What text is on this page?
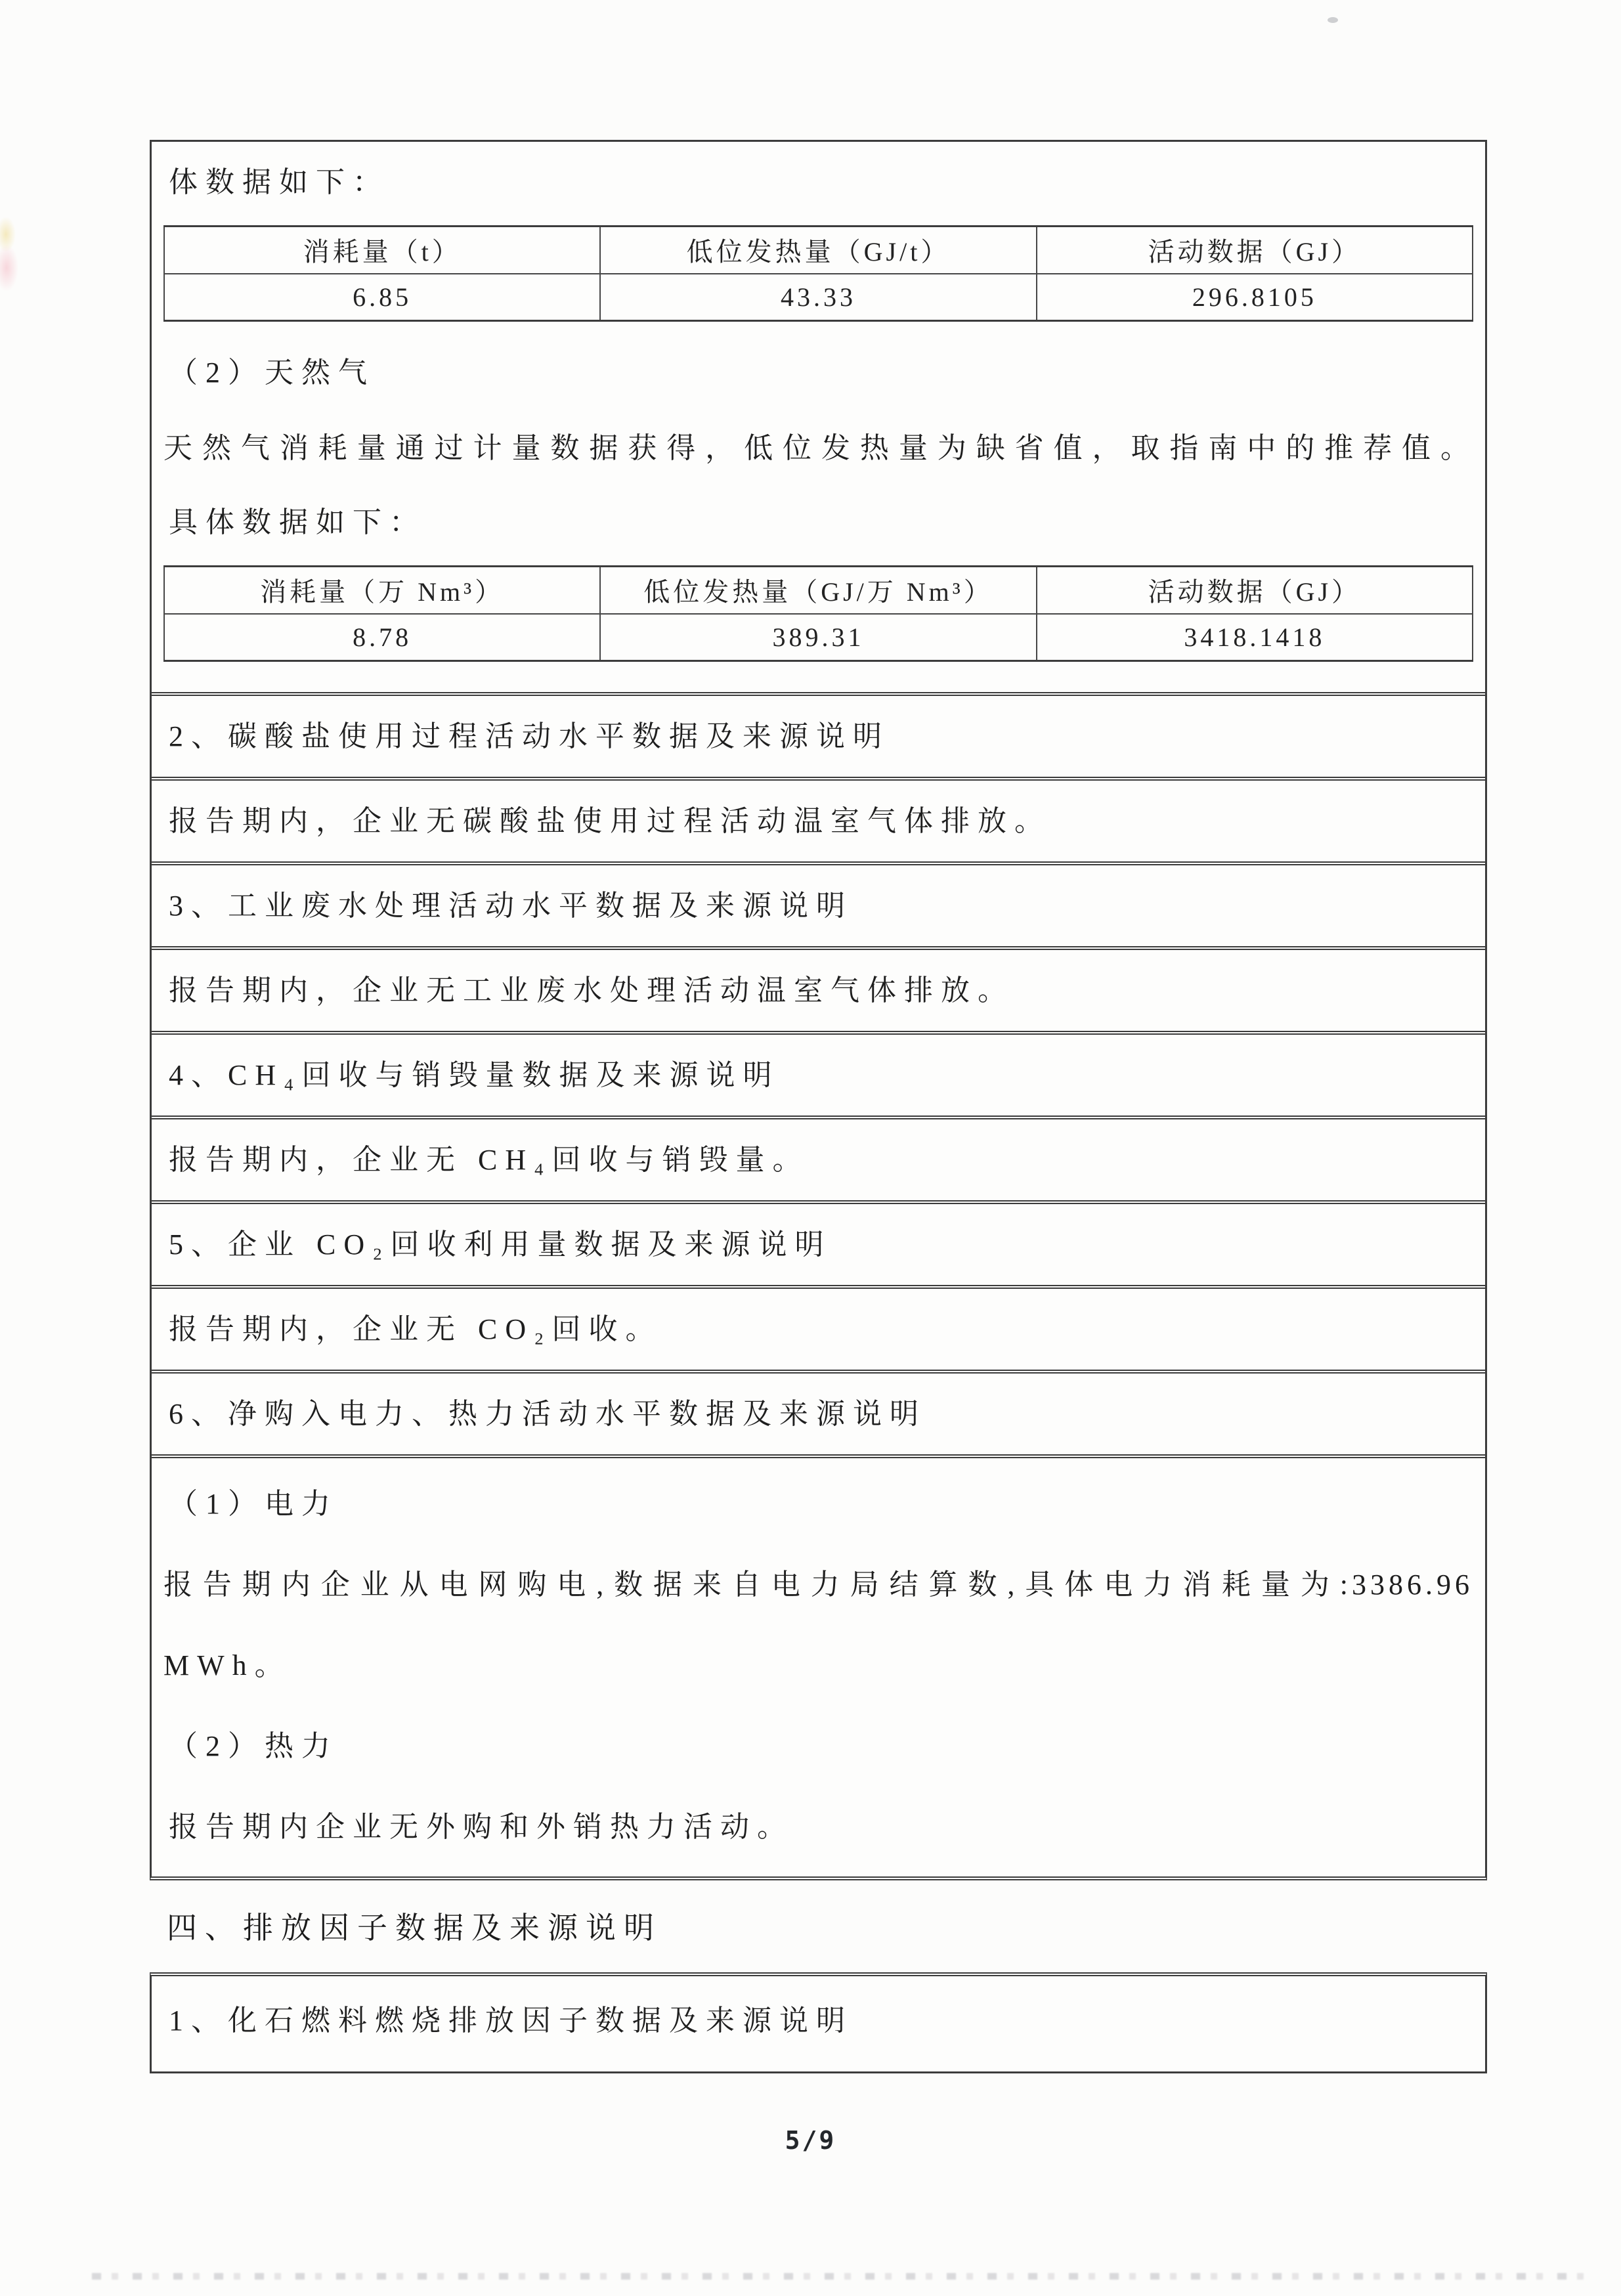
体数据如下：

消耗量（t）	低位发热量（GJ/t）	活动数据（GJ）
6.85	43.33	296.8105

（2）天然气

天然气消耗量通过计量数据获得，低位发热量为缺省值，取指南中的推荐值。

具体数据如下：

消耗量（万 Nm³）	低位发热量（GJ/万 Nm³）	活动数据（GJ）
8.78	389.31	3418.1418

2、碳酸盐使用过程活动水平数据及来源说明

报告期内，企业无碳酸盐使用过程活动温室气体排放。

3、工业废水处理活动水平数据及来源说明

报告期内，企业无工业废水处理活动温室气体排放。

4、CH₄回收与销毁量数据及来源说明

报告期内，企业无 CH₄回收与销毁量。

5、企业 CO₂回收利用量数据及来源说明

报告期内，企业无 CO₂回收。

6、净购入电力、热力活动水平数据及来源说明

（1）电力

报告期内企业从电网购电,数据来自电力局结算数,具体电力消耗量为:3386.96

MWh。

（2）热力

报告期内企业无外购和外销热力活动。

四、排放因子数据及来源说明

1、化石燃料燃烧排放因子数据及来源说明

5/9
